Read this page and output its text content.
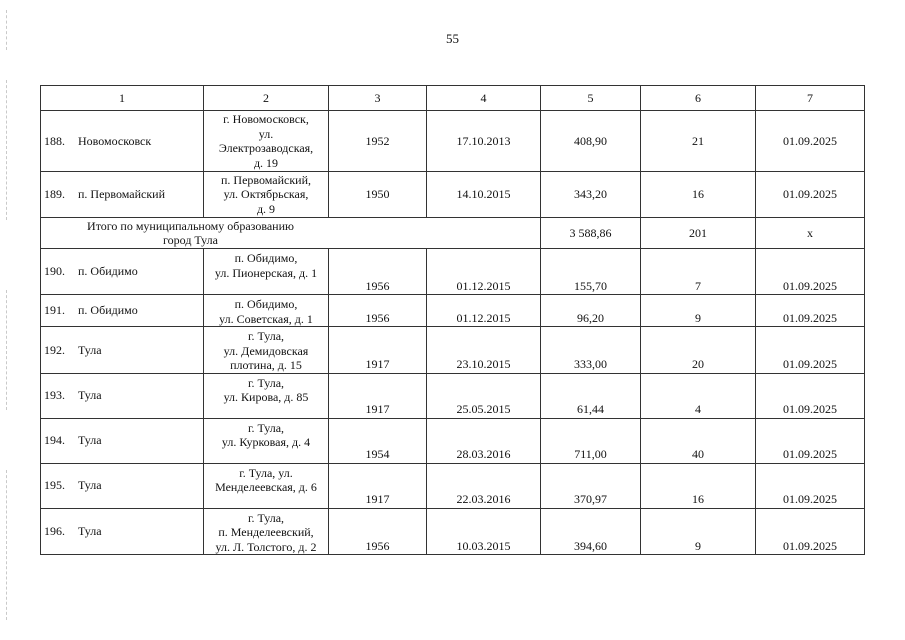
55
1	2	3	4	5	6	7
188. Новомосковск	г. Новомосковск,
ул.
Электрозаводская,
д. 19	1952	17.10.2013	408,90	21	01.09.2025
189. п. Первомайский	п. Первомайский,
ул. Октябрьская,
д. 9	1950	14.10.2015	343,20	16	01.09.2025

Итого по муниципальному образованию
город Тула				3 588,86	201	х
190. п. Обидимо	п. Обидимо,
ул. Пионерская, д. 1	1956	01.12.2015	155,70	7	01.09.2025
191. п. Обидимо	п. Обидимо,
ул. Советская, д. 1	1956	01.12.2015	96,20	9	01.09.2025
192. Тула	г. Тула,
ул. Демидовская
плотина, д. 15	1917	23.10.2015	333,00	20	01.09.2025
193. Тула	г. Тула,
ул. Кирова, д. 85	1917	25.05.2015	61,44	4	01.09.2025
194. Тула	г. Тула,
ул. Курковая, д. 4	1954	28.03.2016	711,00	40	01.09.2025
195. Тула	г. Тула, ул.
Менделеевская, д. 6	1917	22.03.2016	370,97	16	01.09.2025
196. Тула	г. Тула,
п. Менделеевский,
ул. Л. Толстого, д. 2	1956	10.03.2015	394,60	9	01.09.2025
